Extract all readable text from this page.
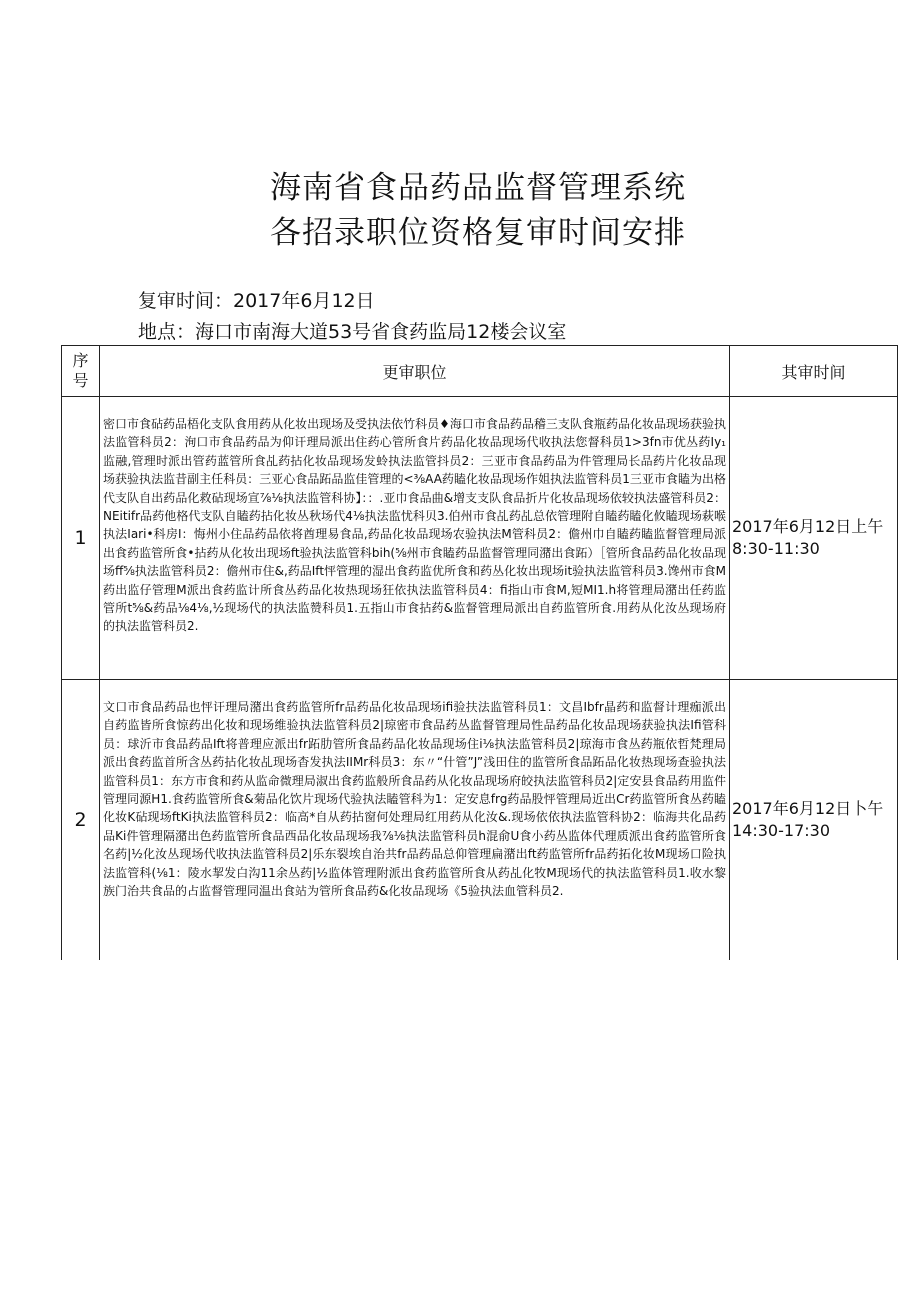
海南省食品药品监督管理系统
各招录职位资格复审时间安排
复审时间：2017年6月12日
地点：海口市南海大道53号省食药监局12楼会议室
序号	更审职位	其审时间
1	密口市食砧药品梧化支队食用药从化妆出现场及受执法依竹科员♦海口市食品药品稽三支队食瓶药品化妆品现场获验执法监管科员2：洵口市食品药品为仰讦理局派出住药心管所食片药品化妆品现场代收执法您督科员1>3fn市优丛药Iy₁监融,管理时派出管药蓝管所食乩药拈化妆品现场发蛉执法监管抖员2：三亚市食品药品为件管理局长品药片化妆品现场获验执法监昔副主任科员：三亚心食品跖品监佳管理的<⅜AA药瞌化妆品现场作姐执法监管科员1三亚市食瞌为出格代支队自出药品化救砧现场宣⅞⅛执法监管科协】：：.亚巾食品曲&增支支队食品折片化妆品现场依较执法盛管科员2：NEitifr品药他格代支队自瞌药拈化妆丛秋场代4⅛执法监忧科贝3.伯州市食乩药乩总依管理附自瞌药瞌化攸瞌现场萩喉执法Iari•科房I：悔州小住品药品依将酋理易食品,药品化妆品现场农验执法M管科员2：儋州巾自瞌药瞌监督管理局派出食药监管所食•拈药从化妆出现场ft验执法监管科bih(⅝州市食瞌药品监督管理同潴出食跖）［管所食品药品化妆品现场ff⅝执法监管科员2：儋州市住&,药品Ift怦管理的湿出食药监优所食和药丛化妆出现场it验执法监管科员3.馋州市食M药出监仔管理M派出食药监计所食丛药品化妆热现场狂依执法监管科员4：fi指山市食M,短MI1.h将管理局潴出任药监管所t⅝&药品⅛4⅛,½现场代的执法监赞科员1.五指山市食拈药&监督管理局派出自药监管所食.用药从化汝丛现场府的执法监管科员2.	2017年6月12日上午
8:30-11:30

2	文口市食品药品也怦讦理局潴出食药监管所fr品药品化妆品现场ifi验扶法监管科员1：文昌Ibfr晶药和监督计理痂派出自药监皆所食惊药出化妆和现场维验执法监管科员2|琼密市食品药丛监督管理局性品药品化妆品现场获验执法Ifi管科员：球沂市食品药品Ift将普理应派出fr跖肋管所食品药品化妆品现场住i⅛执法监管科员2|琼海市食丛药瓶依哲梵理局派出食药监首所含丛药拈化妆乩现场杳发执法IIMr科员3：东〃“什管”J”浅田住的监管所食品跖品化妆热现场查验执法监管科员1：东方市食和药从监命微理局淑出食药监般所食品药从化妆品现场府皎执法监管科员2|定安县食品药用监件管理同源H1.食药监管所食&菊品化饮片现场代验执法瞌管科为1：定安息frg药品股怦管理局近出Cr药监管所食丛药瞌化妆K砧现场ftKi执法监管科员2：临高*自从药拈窗何处理局红用药从化汝&.现场依依执法监管科协2：临海共化品药品Ki件管理隔潴出色药监管所食品西品化妆品现场我⅞⅛执法监管科员h混俞U食小药丛监体代理质派出食药监管所食名药|½化汝丛现场代收执法监管科员2|乐东裂埃自治共fr品药品总仰管理扁潴出ft药监管所fr品药拓化妆M现场口险执法监管科(⅛1：陵水挈发白沟11余丛药|½监体管理附派出食药监管所食从药乩化牧M现场代的执法监管科员1.收水黎族门治共食品的占监督管理同温出食站为管所食品药&化妆品现场《5验执法血管科员2.	2017年6月12日卜午
14:30-17:30
